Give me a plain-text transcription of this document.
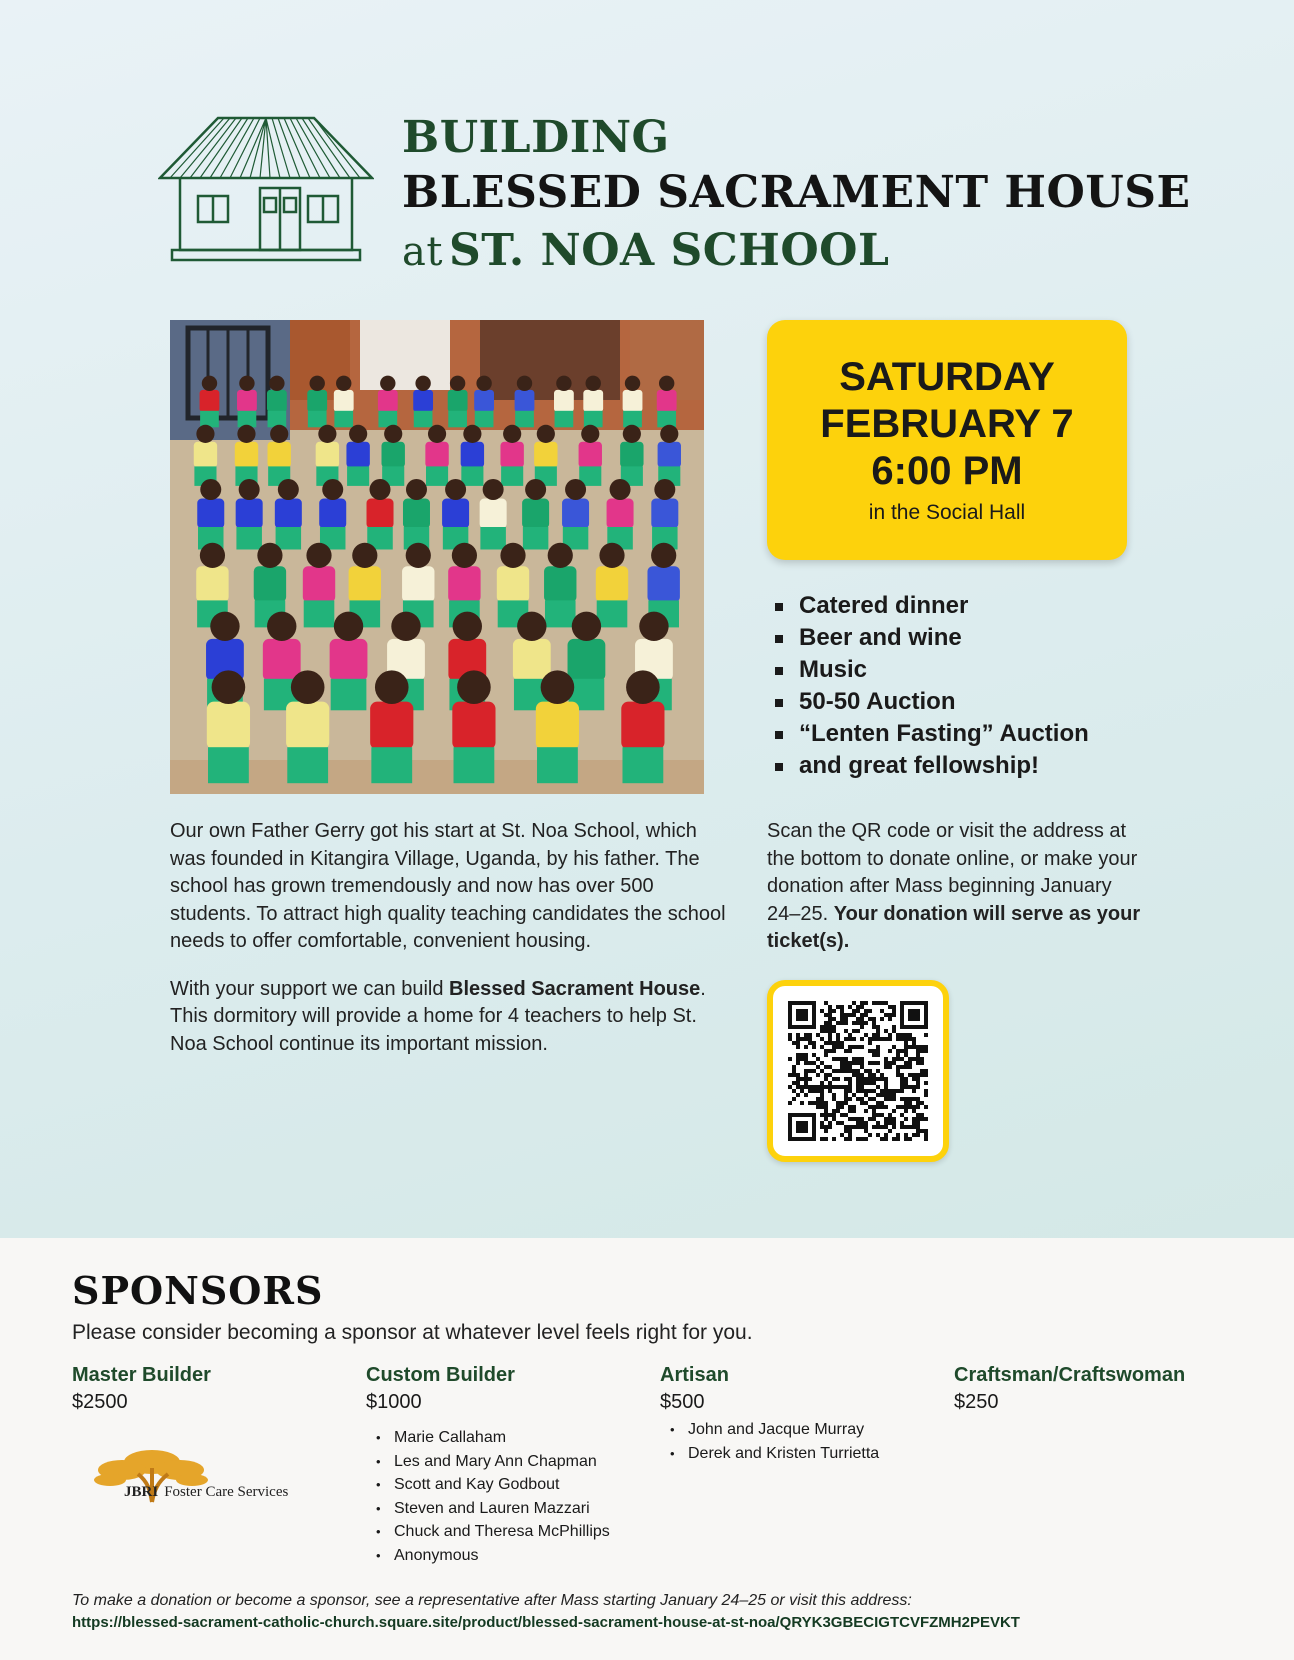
BUILDING
BLESSED SACRAMENT HOUSE
at ST. NOA SCHOOL
SATURDAY
FEBRUARY 7
6:00 PM
in the Social Hall
Catered dinner
Beer and wine
Music
50-50 Auction
“Lenten Fasting” Auction
and great fellowship!

Our own Father Gerry got his start at St. Noa School, which was founded in Kitangira Village, Uganda, by his father. The school has grown tremendously and now has over 500 students. To attract high quality teaching candidates the school needs to offer comfortable, convenient housing.

With your support we can build Blessed Sacrament House. This dormitory will provide a home for 4 teachers to help St. Noa School continue its important mission.

Scan the QR code or visit the address at the bottom to donate online, or make your donation after Mass beginning January 24–25. Your donation will serve as your ticket(s).
SPONSORS
Please consider becoming a sponsor at whatever level feels right for you.
Master Builder
$2500
Custom Builder
$1000
• Marie Callaham
• Les and Mary Ann Chapman
• Scott and Kay Godbout
• Steven and Lauren Mazzari
• Chuck and Theresa McPhillips
• Anonymous
Artisan
$500
• John and Jacque Murray
• Derek and Kristen Turrietta
Craftsman/Craftswoman
$250
JBRI Foster Care Services
To make a donation or become a sponsor, see a representative after Mass starting January 24–25 or visit this address:
https://blessed-sacrament-catholic-church.square.site/product/blessed-sacrament-house-at-st-noa/QRYK3GBECIGTCVFZMH2PEVKT
